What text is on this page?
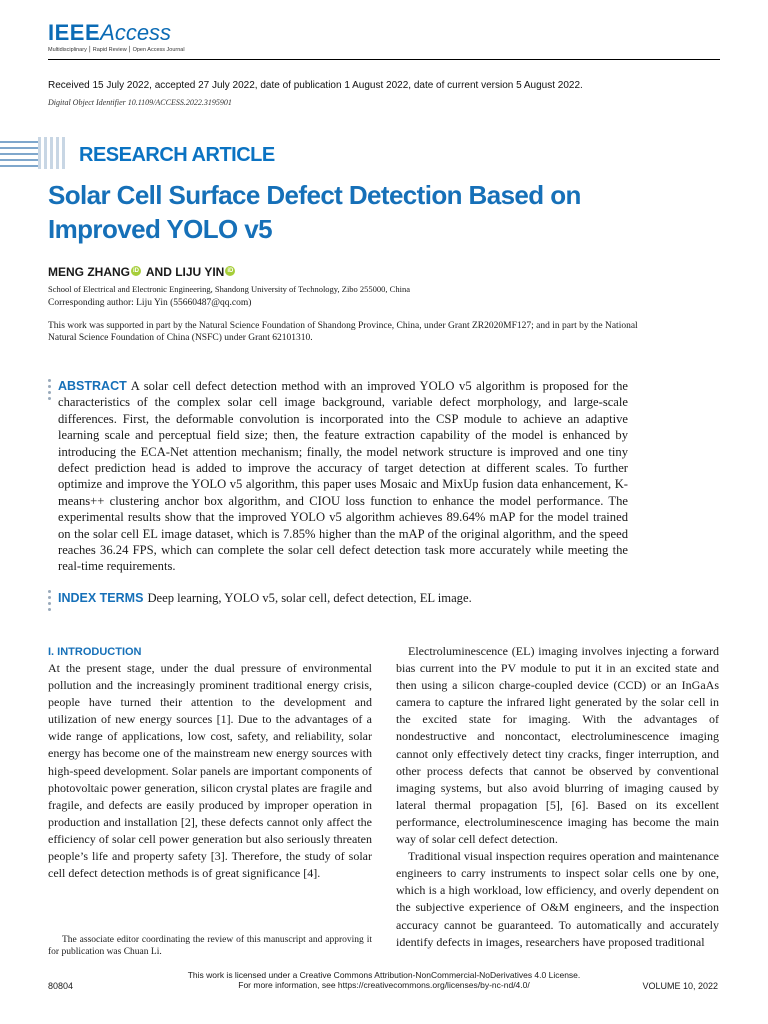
IEEEAccess
Multidisciplinary ⎮ Rapid Review ⎮ Open Access Journal
Received 15 July 2022, accepted 27 July 2022, date of publication 1 August 2022, date of current version 5 August 2022.
Digital Object Identifier 10.1109/ACCESS.2022.3195901
RESEARCH ARTICLE
Solar Cell Surface Defect Detection Based on Improved YOLO v5
MENG ZHANG iD AND LIJU YIN iD
School of Electrical and Electronic Engineering, Shandong University of Technology, Zibo 255000, China
Corresponding author: Liju Yin (55660487@qq.com)
This work was supported in part by the Natural Science Foundation of Shandong Province, China, under Grant ZR2020MF127; and in part by the National Natural Science Foundation of China (NSFC) under Grant 62101310.
ABSTRACT A solar cell defect detection method with an improved YOLO v5 algorithm is proposed for the characteristics of the complex solar cell image background, variable defect morphology, and large-scale differences. First, the deformable convolution is incorporated into the CSP module to achieve an adaptive learning scale and perceptual field size; then, the feature extraction capability of the model is enhanced by introducing the ECA-Net attention mechanism; finally, the model network structure is improved and one tiny defect prediction head is added to improve the accuracy of target detection at different scales. To further optimize and improve the YOLO v5 algorithm, this paper uses Mosaic and MixUp fusion data enhancement, K-means++ clustering anchor box algorithm, and CIOU loss function to enhance the model performance. The experimental results show that the improved YOLO v5 algorithm achieves 89.64% mAP for the model trained on the solar cell EL image dataset, which is 7.85% higher than the mAP of the original algorithm, and the speed reaches 36.24 FPS, which can complete the solar cell defect detection task more accurately while meeting the real-time requirements.
INDEX TERMS Deep learning, YOLO v5, solar cell, defect detection, EL image.
I. INTRODUCTION

At the present stage, under the dual pressure of environmental pollution and the increasingly prominent traditional energy crisis, people have turned their attention to the development and utilization of new energy sources [1]. Due to the advantages of a wide range of applications, low cost, safety, and reliability, solar energy has become one of the mainstream new energy sources with high-speed development. Solar panels are important components of photovoltaic power generation, silicon crystal plates are fragile and fragile, and defects are easily produced by improper operation in production and installation [2], these defects cannot only affect the efficiency of solar cell power generation but also seriously threaten people’s life and property safety [3]. Therefore, the study of solar cell defect detection methods is of great significance [4].

The associate editor coordinating the review of this manuscript and approving it for publication was Chuan Li.

Electroluminescence (EL) imaging involves injecting a forward bias current into the PV module to put it in an excited state and then using a silicon charge-coupled device (CCD) or an InGaAs camera to capture the infrared light generated by the solar cell in the excited state for imaging. With the advantages of nondestructive and noncontact, electroluminescence imaging cannot only effectively detect tiny cracks, finger interruption, and other process defects that cannot be observed by conventional imaging systems, but also avoid blurring of imaging caused by lateral thermal propagation [5], [6]. Based on its excellent performance, electroluminescence imaging has become the main way of solar cell defect detection.

Traditional visual inspection requires operation and maintenance engineers to carry instruments to inspect solar cells one by one, which is a high workload, low efficiency, and overly dependent on the subjective experience of O&M engineers, and the inspection accuracy cannot be guaranteed. To automatically and accurately identify defects in images, researchers have proposed traditional

This work is licensed under a Creative Commons Attribution-NonCommercial-NoDerivatives 4.0 License.
For more information, see https://creativecommons.org/licenses/by-nc-nd/4.0/
80804	VOLUME 10, 2022
